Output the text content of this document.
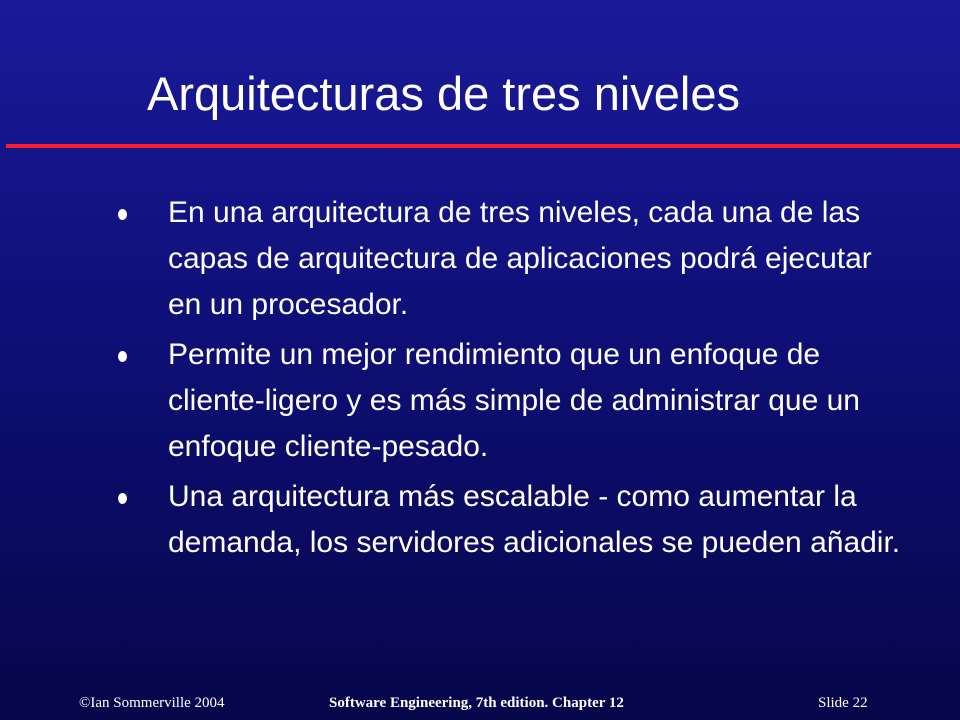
Arquitecturas de tres niveles
En una arquitectura de tres niveles, cada una de las capas de arquitectura de aplicaciones podrá ejecutar en un procesador.
Permite un mejor rendimiento que un enfoque de cliente-ligero y es más simple de administrar que un enfoque cliente-pesado.
Una arquitectura más escalable - como aumentar la demanda, los servidores adicionales se pueden añadir.
©Ian Sommerville 2004	Software Engineering, 7th edition. Chapter 12	Slide 22
